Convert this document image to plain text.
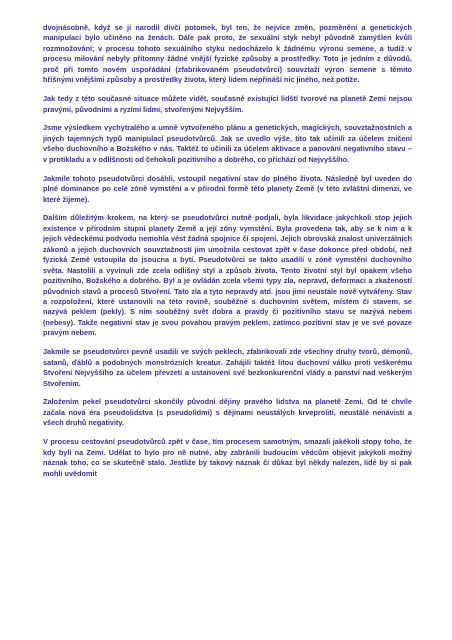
dvojnásobně, když se jí narodil dívčí potomek, byl ten, že nejvíce změn, pozměnění a genetických manipulací bylo učiněno na ženách. Dále pak proto, že sexuální styk nebyl původně zamýšlen kvůli rozmnožování; v procesu tohoto sexuálního styku nedocházelo k žádnému výronu semene, a tudíž v procesu milování nebyly přítomny žádné vnější fyzické způsoby a prostředky. Toto je jedním z důvodů, proč při tomto novém uspořádání (zfabrikovaném pseudotvůrci) souvztaží výron semene s těmito hříšnými vnějšími způsoby a prostředky života, který lidem nepřináší nic jiného, než potíže.

Jak tedy z této současné situace můžete vidět, současně existující lidští tvorové na planetě Zemi nejsou pravými, původními a ryzími lidmi, stvořenými Nejvyšším.

Jsme výsledkem vychytralého a umně vytvořeného plánu a genetických, magických, souvztažnostních a jiných tajemných typů manipulací pseudotvůrců. Jak se uvedlo výše, tito tak učinili za účelem zničení všeho duchovního a Božského v nás. Taktéž to učinili za účelem aktivace a panování negativního stavu – v protikladu a v odlišnosti od čehokoli pozitivního a dobrého, co přichází od Nejvyššího.

Jakmile tohoto pseudotvůrci dosáhli, vstoupil negativní stav do plného života. Následně byl uveden do plné dominance po celé zóně vymstění a v přírodní formě této planety Země (v této zvláštní dimenzi, ve které žijeme).

Dalším důležitým krokem, na který se pseudotvůrci nutně podjali, byla likvidace jakýchkoli stop jejich existence v přírodním stupni planety Země a její zóny vymstění. Byla provedena tak, aby se k nim a k jejich vědeckému podvodu nemohla vést žádná spojnice či spojení. Jejich obrovská znalost univerzálních zákonů a jejich duchovních souvztažností jim umožnila cestovat zpět v čase dokonce před období, než fyzická Země vstoupila do jsoucna a bytí. Pseudotvůrci se takto usadili v zóně vymstění duchovního světa. Nastolili a vyvinuli zde zcela odlišný styl a způsob života. Tento životní styl byl opakem všeho pozitivního, Božského a dobrého. Byl a je ovládán zcela všemi typy zla, nepravd, deformací a zkažeností původních stavů a procesů Stvoření. Tato zla a tyto nepravdy atd. jsou jimi neustále nově vytvářeny. Stav a rozpoložení, které ustanovili na této rovině, souběžné s duchovním světem, místem či stavem, se nazývá peklem (pekly). S ním souběžný svět dobra a pravdy či pozitivního stavu se nazývá nebem (nebesy). Takže negativní stav je svou povahou pravým peklem, zatímco pozitivní stav je ve své povaze pravým nebem.

Jakmile se pseudotvůrci pevně usadili ve svých peklech, zfabrikovali zde všechny druhy tvorů, démonů, satanů, ďáblů a podobných monstrózních kreatur. Zahájili taktéž litou duchovní válku proti veškerému Stvoření Nejvyššího za účelem převzetí a ustanovení své bezkonkurenční vlády a panství nad veškerým Stvořením.

Založením pekel pseudotvůrci skončily původní dějiny pravého lidstva na planetě Zemi. Od té chvíle začala nová éra pseudolidstva (s pseudolidmi) s dějinami neustálých krveprolití, neustálé nenávisti a všech druhů negativity.

V procesu cestování pseudotvůrců zpět v čase, tím procesem samotným, smazali jakékoli stopy toho, že kdy byli na Zemi. Udělat to bylo pro ně nutné, aby zabránili budoucím vědcům objevit jakýkoli možný náznak toho, co se skutečně stalo. Jestliže by takový náznak či důkaz byl někdy nalezen, lidé by si pak mohli uvědomit
